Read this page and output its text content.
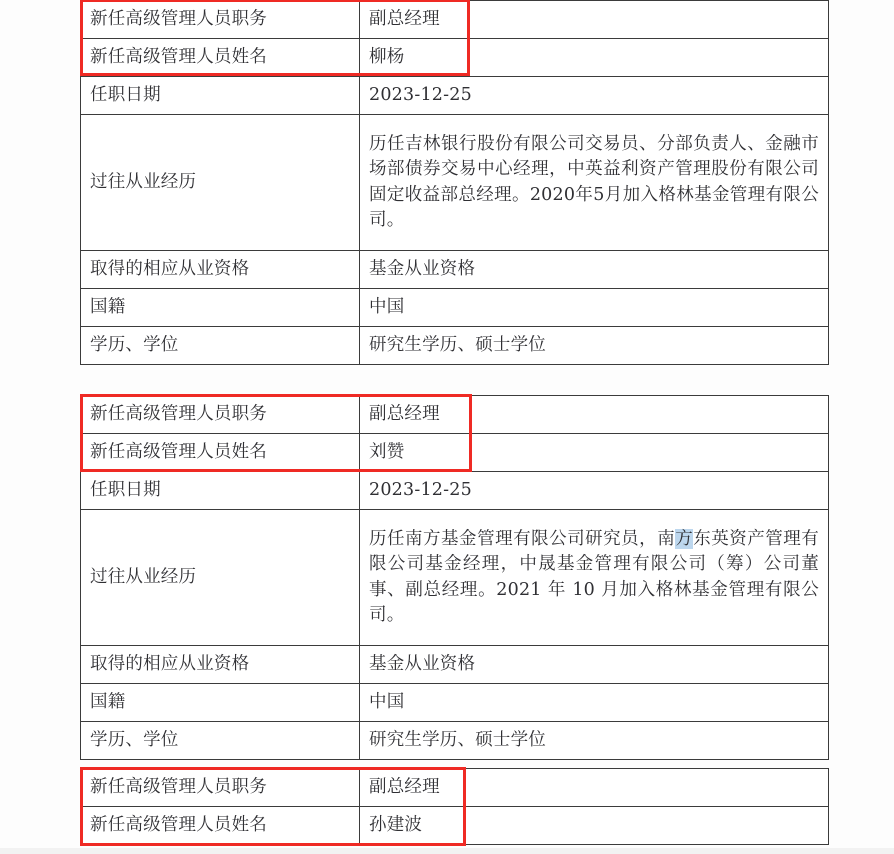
新任高级管理人员职务	副总经理
新任高级管理人员姓名	柳杨
任职日期	2023-12-25
过往从业经历	历任吉林银行股份有限公司交易员、分部负责人、金融市场部债券交易中心经理，中英益利资产管理股份有限公司固定收益部总经理。2020年5月加入格林基金管理有限公司。

取得的相应从业资格	基金从业资格
国籍	中国
学历、学位	研究生学历、硕士学位
新任高级管理人员职务	副总经理
新任高级管理人员姓名	刘赞
任职日期	2023-12-25
过往从业经历	历任南方基金管理有限公司研究员，南方东英资产管理有限公司基金经理，中晟基金管理有限公司（筹）公司董事、副总经理。2021 年 10 月加入格林基金管理有限公司。

取得的相应从业资格	基金从业资格
国籍	中国
学历、学位	研究生学历、硕士学位
新任高级管理人员职务	副总经理
新任高级管理人员姓名	孙建波
